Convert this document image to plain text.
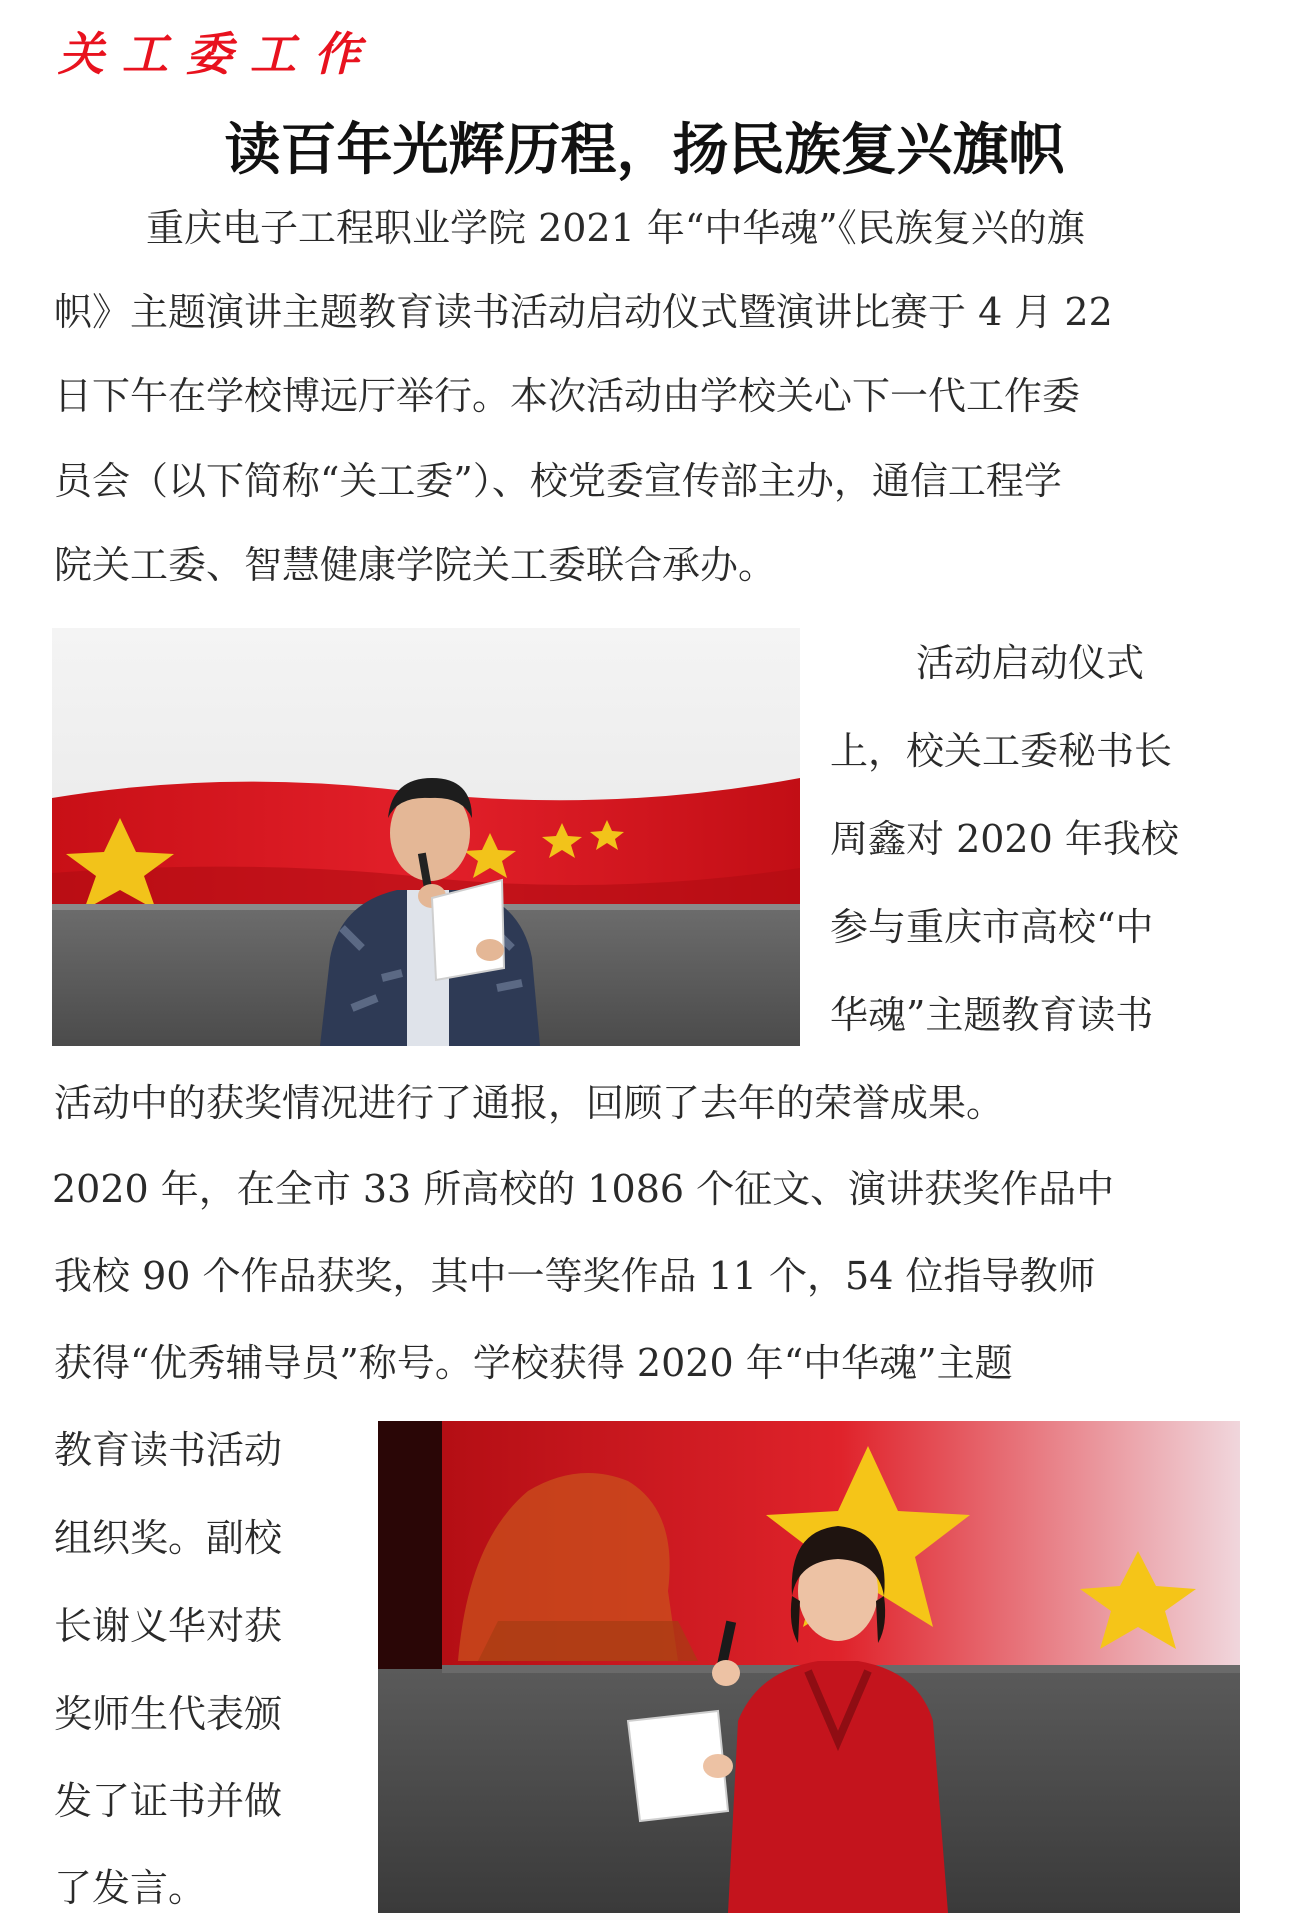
关工委工作
读百年光辉历程，扬民族复兴旗帜
重庆电子工程职业学院 2021 年“中华魂”《民族复兴的旗
帜》主题演讲主题教育读书活动启动仪式暨演讲比赛于 4 月 22
日下午在学校博远厅举行。本次活动由学校关心下一代工作委
员会（以下简称“关工委”）、校党委宣传部主办，通信工程学
院关工委、智慧健康学院关工委联合承办。
活动启动仪式
上，校关工委秘书长
周鑫对 2020 年我校
参与重庆市高校“中
华魂”主题教育读书
活动中的获奖情况进行了通报，回顾了去年的荣誉成果。
2020 年，在全市 33 所高校的 1086 个征文、演讲获奖作品中
我校 90 个作品获奖，其中一等奖作品 11 个，54 位指导教师
获得“优秀辅导员”称号。学校获得 2020 年“中华魂”主题
教育读书活动
组织奖。副校
长谢义华对获
奖师生代表颁
发了证书并做
了发言。
